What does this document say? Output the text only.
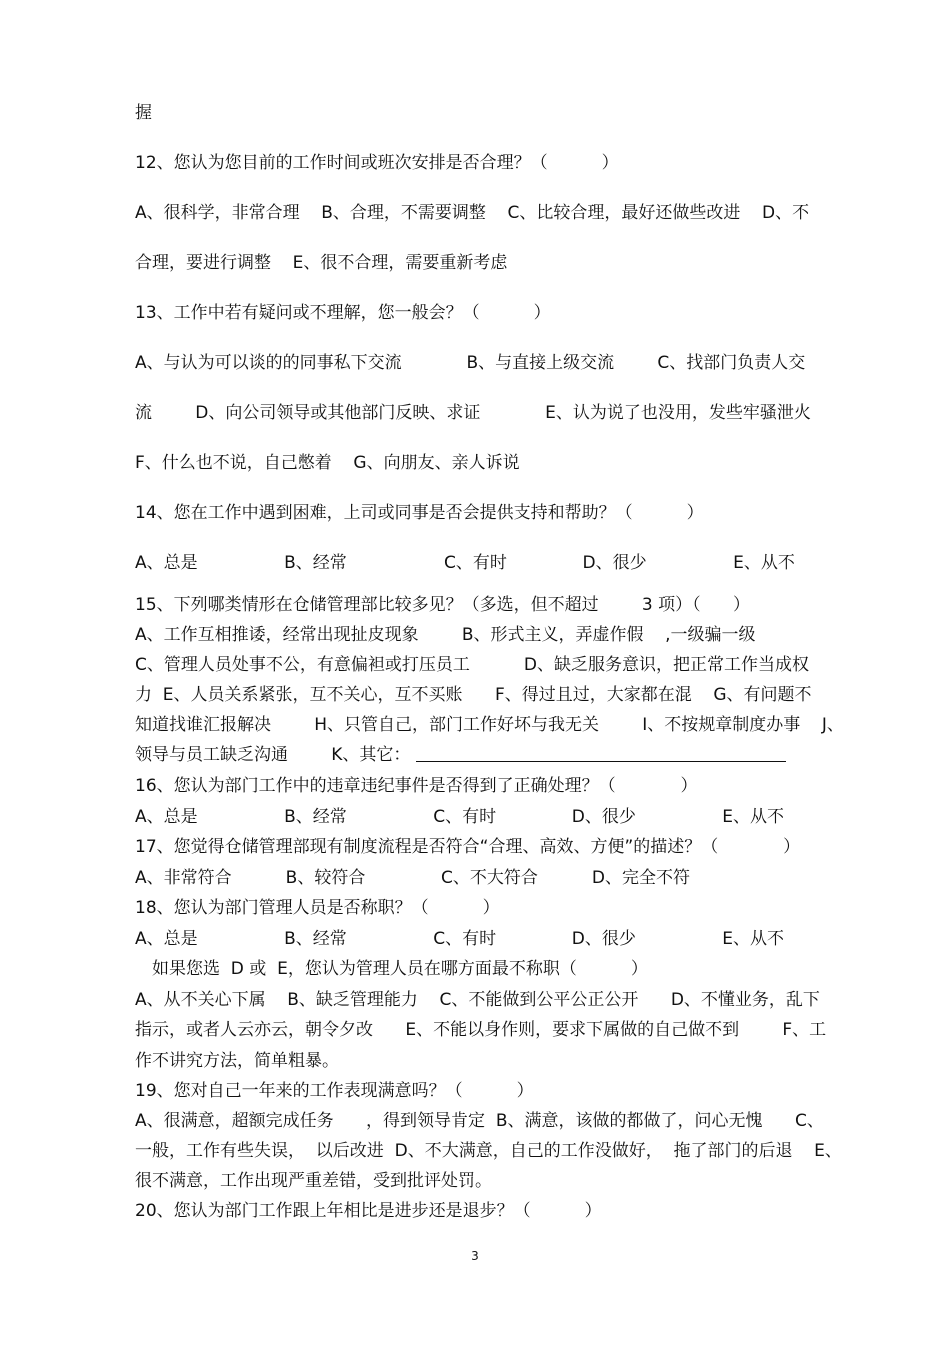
握
12、您认为您目前的工作时间或班次安排是否合理？（          ）
A、很科学，非常合理    B、合理，不需要调整    C、比较合理，最好还做些改进    D、不
合理，要进行调整    E、很不合理，需要重新考虑
13、工作中若有疑问或不理解，您一般会？（          ）
A、与认为可以谈的的同事私下交流            B、与直接上级交流        C、找部门负责人交
流        D、向公司领导或其他部门反映、求证            E、认为说了也没用，发些牢骚泄火
F、什么也不说，自己憋着    G、向朋友、亲人诉说
14、您在工作中遇到困难，上司或同事是否会提供支持和帮助？（          ）
A、总是                B、经常                  C、有时              D、很少                E、从不
15、下列哪类情形在仓储管理部比较多见？（多选，但不超过        3 项）（      ）
A、工作互相推诿，经常出现扯皮现象        B、形式主义，弄虚作假    ,一级骗一级
C、管理人员处事不公，有意偏袒或打压员工          D、缺乏服务意识，把正常工作当成权
力  E、人员关系紧张，互不关心，互不买账      F、得过且过，大家都在混    G、有问题不
知道找谁汇报解决        H、只管自己，部门工作好坏与我无关        I、不按规章制度办事    J、
领导与员工缺乏沟通        K、其它：
16、您认为部门工作中的违章违纪事件是否得到了正确处理？（            ）
A、总是                B、经常                C、有时              D、很少                E、从不
17、您觉得仓储管理部现有制度流程是否符合“合理、高效、方便”的描述？（            ）
A、非常符合          B、较符合              C、不大符合          D、完全不符
18、您认为部门管理人员是否称职？（          ）
A、总是                B、经常                C、有时              D、很少                E、从不
如果您选  D 或  E，您认为管理人员在哪方面最不称职（          ）
A、从不关心下属    B、缺乏管理能力    C、不能做到公平公正公开      D、不懂业务，乱下
指示，或者人云亦云，朝令夕改      E、不能以身作则，要求下属做的自己做不到        F、工
作不讲究方法，简单粗暴。
19、您对自己一年来的工作表现满意吗？（          ）
A、很满意，超额完成任务      ，得到领导肯定  B、满意，该做的都做了，问心无愧      C、
一般，工作有些失误，  以后改进  D、不大满意，自己的工作没做好，  拖了部门的后退    E、
很不满意，工作出现严重差错，受到批评处罚。
20、您认为部门工作跟上年相比是进步还是退步？（          ）
3
